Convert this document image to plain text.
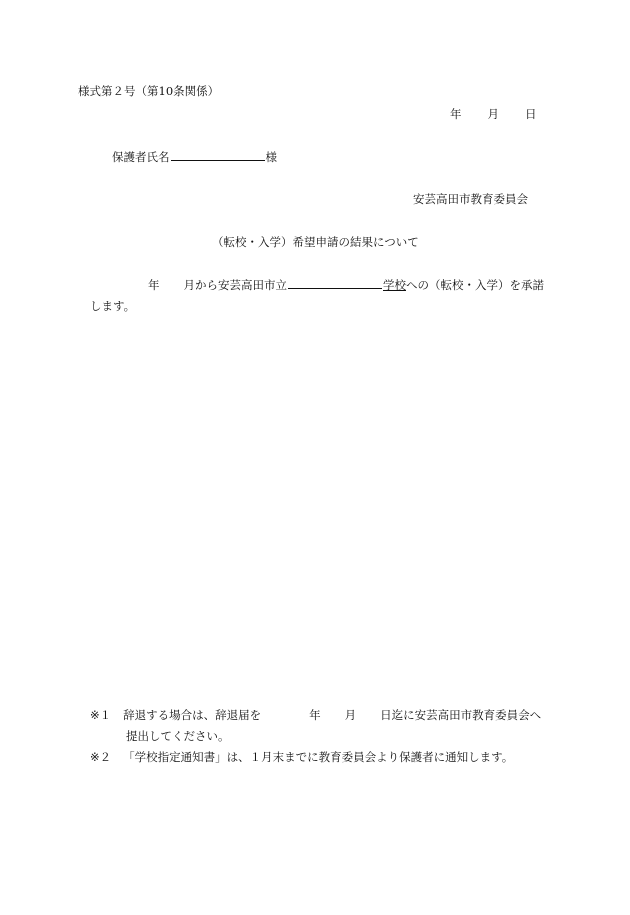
様式第２号（第10条関係）
年 月 日
保護者氏名	様
安芸高田市教育委員会
（転校・入学）希望申請の結果について
年 月から安芸高田市立	学校への（転校・入学）を承諾
します。
※１ 辞退する場合は、辞退届を	年 月 日迄に安芸高田市教育委員会へ
提出してください。
※２ 「学校指定通知書」は、１月末までに教育委員会より保護者に通知します。
